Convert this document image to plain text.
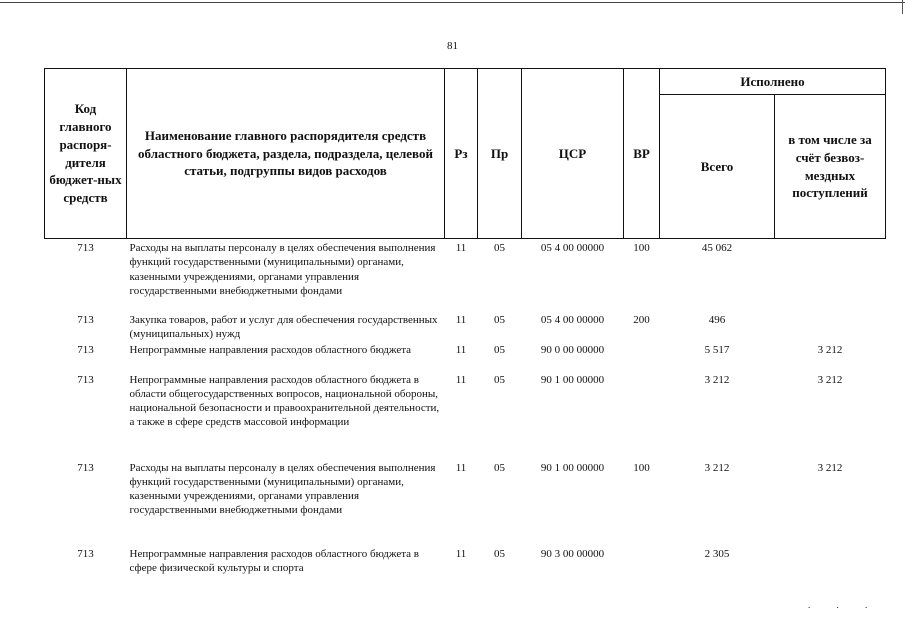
81
Код главного распоря-дителя бюджет-ных средств	Наименование главного распорядителя средств областного бюджета, раздела, подраздела, целевой статьи, подгруппы видов расходов	Рз	Пр	ЦСР	ВР	Исполнено	
						Всего	в том числе за счёт безвоз-мездных поступлений
713	Расходы на выплаты персоналу в целях обеспечения выполнения функций государственными (муниципальными) органами, казенными учреждениями, органами управления государственными внебюджетными фондами	11	05	05 4 00 00000	100	45 062	
713	Закупка товаров, работ и услуг для обеспечения государственных (муниципальных) нужд	11	05	05 4 00 00000	200	496	
713	Непрограммные направления расходов областного бюджета	11	05	90 0 00 00000		5 517	3 212
713	Непрограммные направления расходов областного бюджета в области общегосударственных вопросов, национальной обороны, национальной безопасности и правоохранительной деятельности, а также в сфере средств массовой информации	11	05	90 1 00 00000		3 212	3 212
713	Расходы на выплаты персоналу в целях обеспечения выполнения функций государственными (муниципальными) органами, казенными учреждениями, органами управления государственными внебюджетными фондами	11	05	90 1 00 00000	100	3 212	3 212
713	Непрограммные направления расходов областного бюджета в сфере физической культуры и спорта	11	05	90 3 00 00000		2 305	
. . .
